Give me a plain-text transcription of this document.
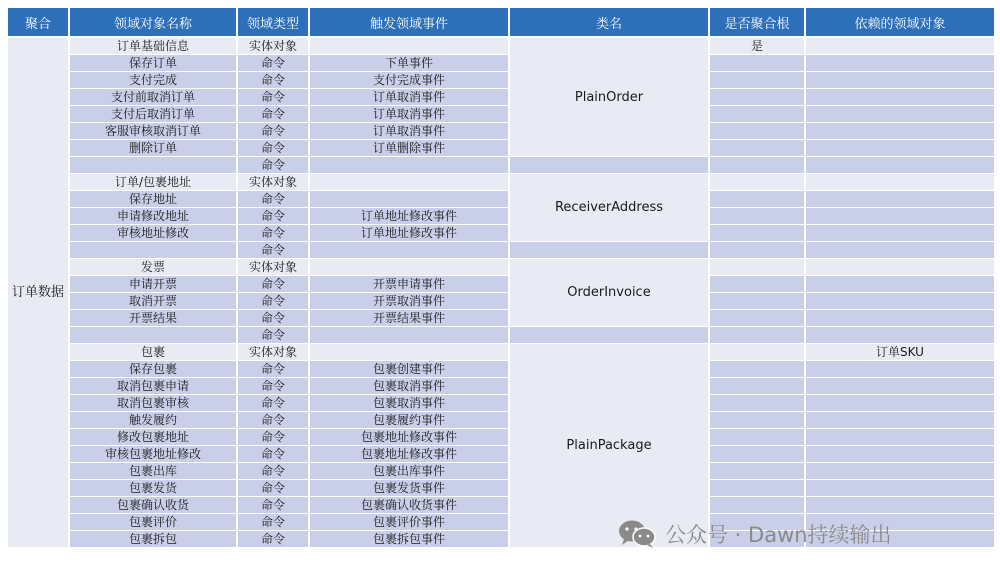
聚合	领域对象名称	领域类型	触发领域事件	类名	是否聚合根	依赖的领域对象
订单数据	订单基础信息	实体对象		PlainOrder	是	
	保存订单	命令	下单事件			
	支付完成	命令	支付完成事件			
	支付前取消订单	命令	订单取消事件			
	支付后取消订单	命令	订单取消事件			
	客服审核取消订单	命令	订单取消事件			
	删除订单	命令	订单删除事件			
		命令				
	订单/包裹地址	实体对象		ReceiverAddress		
	保存地址	命令				
	申请修改地址	命令	订单地址修改事件			
	审核地址修改	命令	订单地址修改事件			
		命令				
	发票	实体对象		OrderInvoice		
	申请开票	命令	开票申请事件			
	取消开票	命令	开票取消事件			
	开票结果	命令	开票结果事件			
		命令				
	包裹	实体对象		PlainPackage		订单SKU
	保存包裹	命令	包裹创建事件			
	取消包裹申请	命令	包裹取消事件			
	取消包裹审核	命令	包裹取消事件			
	触发履约	命令	包裹履约事件			
	修改包裹地址	命令	包裹地址修改事件			
	审核包裹地址修改	命令	包裹地址修改事件			
	包裹出库	命令	包裹出库事件			
	包裹发货	命令	包裹发货事件			
	包裹确认收货	命令	包裹确认收货事件			
	包裹评价	命令	包裹评价事件			
	包裹拆包	命令	包裹拆包事件				公众号 · Dawn持续输出
